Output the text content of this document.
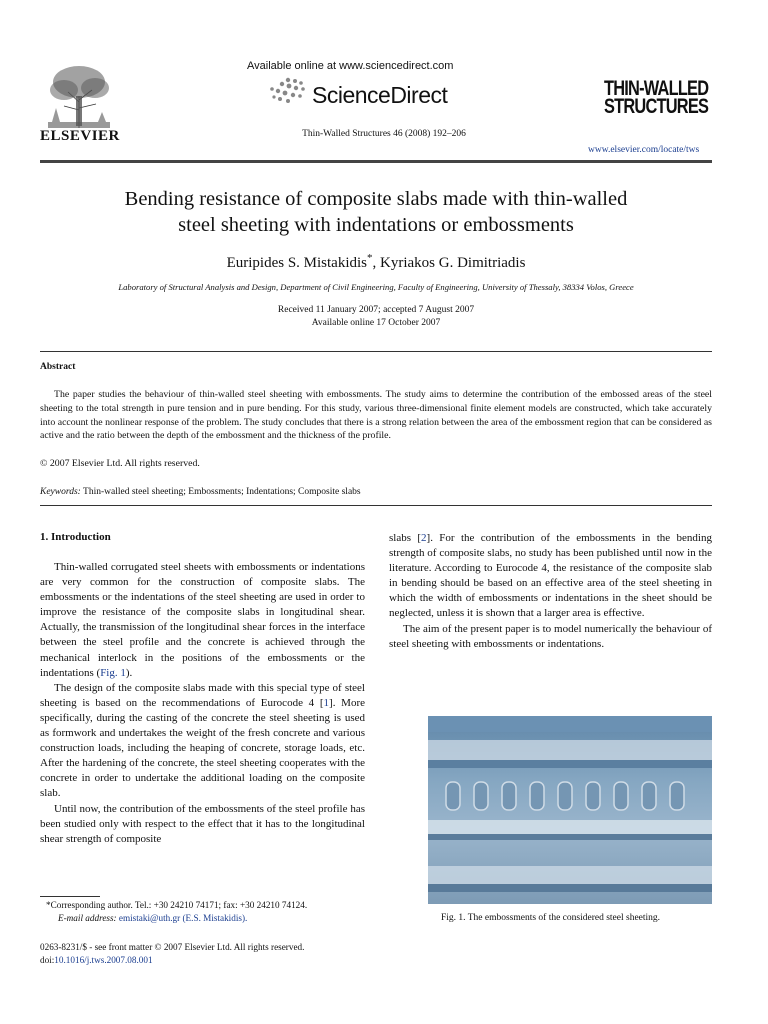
ELSEVIER
Available online at www.sciencedirect.com
ScienceDirect
Thin-Walled Structures 46 (2008) 192–206
THIN-WALLED
STRUCTURES
www.elsevier.com/locate/tws
Bending resistance of composite slabs made with thin-walled
steel sheeting with indentations or embossments
Euripides S. Mistakidis*, Kyriakos G. Dimitriadis
Laboratory of Structural Analysis and Design, Department of Civil Engineering, Faculty of Engineering, University of Thessaly, 38334 Volos, Greece
Received 11 January 2007; accepted 7 August 2007
Available online 17 October 2007
Abstract

The paper studies the behaviour of thin-walled steel sheeting with embossments. The study aims to determine the contribution of the embossed areas of the steel sheeting to the total strength in pure tension and in pure bending. For this study, various three-dimensional finite element models are constructed, which take accurately into account the nonlinear response of the problem. The study concludes that there is a strong relation between the area of the embossment region that can be considered as active and the ratio between the depth of the embossment and the thickness of the profile.

© 2007 Elsevier Ltd. All rights reserved.
Keywords: Thin-walled steel sheeting; Embossments; Indentations; Composite slabs
1. Introduction

Thin-walled corrugated steel sheets with embossments or indentations are very common for the construction of composite slabs. The embossments or the indentations of the steel sheeting are used in order to improve the resistance of the composite slabs in longitudinal shear. Actually, the transmission of the longitudinal shear forces in the interface between the steel profile and the concrete is achieved through the mechanical interlock in the positions of the embossments or the indentations (Fig. 1).

The design of the composite slabs made with this special type of steel sheeting is based on the recommendations of Eurocode 4 [1]. More specifically, during the casting of the concrete the steel sheeting is used as formwork and undertakes the weight of the fresh concrete and various construction loads, including the heaping of concrete, storage loads, etc. After the hardening of the concrete, the steel sheeting cooperates with the concrete in order to undertake the additional loading on the composite slab.

Until now, the contribution of the embossments of the steel profile has been studied only with respect to the effect that it has to the longitudinal shear strength of composite

slabs [2]. For the contribution of the embossments in the bending strength of composite slabs, no study has been published until now in the literature. According to Eurocode 4, the resistance of the composite slab in bending should be based on an effective area of the steel sheeting in which the width of embossments or indentations in the sheet should be neglected, unless it is shown that a larger area is effective.

The aim of the present paper is to model numerically the behaviour of steel sheeting with embossments or indentations.

Fig. 1. The embossments of the considered steel sheeting.
*Corresponding author. Tel.: +30 24210 74171; fax: +30 24210 74124.
E-mail address: emistaki@uth.gr (E.S. Mistakidis).
0263-8231/$ - see front matter © 2007 Elsevier Ltd. All rights reserved.
doi:10.1016/j.tws.2007.08.001
